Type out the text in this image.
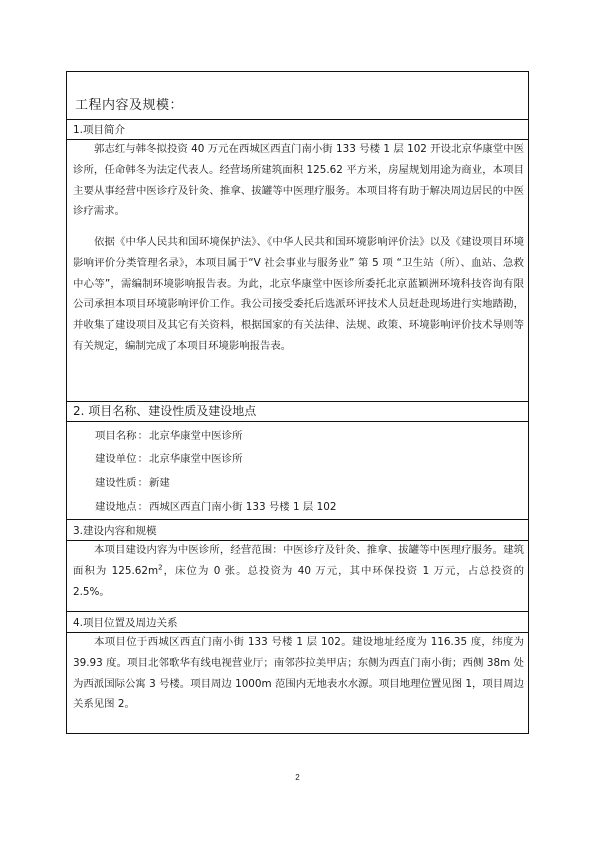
工程内容及规模：
1.项目简介

郭志红与韩冬拟投资 40 万元在西城区西直门南小街 133 号楼 1 层 102 开设北京华康堂中医诊所，任命韩冬为法定代表人。经营场所建筑面积 125.62 平方米，房屋规划用途为商业，本项目主要从事经营中医诊疗及针灸、推拿、拔罐等中医理疗服务。本项目将有助于解决周边居民的中医诊疗需求。

依据《中华人民共和国环境保护法》、《中华人民共和国环境影响评价法》以及《建设项目环境影响评价分类管理名录》，本项目属于“V 社会事业与服务业” 第 5 项 “卫生站（所）、血站、急救中心等”，需编制环境影响报告表。为此，北京华康堂中医诊所委托北京蓝颖洲环境科技咨询有限公司承担本项目环境影响评价工作。我公司接受委托后选派环评技术人员赶赴现场进行实地踏勘，并收集了建设项目及其它有关资料，根据国家的有关法律、法规、政策、环境影响评价技术导则等有关规定，编制完成了本项目环境影响报告表。

2. 项目名称、建设性质及建设地点
项目名称：北京华康堂中医诊所
建设单位：北京华康堂中医诊所
建设性质：新建
建设地点：西城区西直门南小街 133 号楼 1 层 102
3.建设内容和规模

本项目建设内容为中医诊所，经营范围：中医诊疗及针灸、推拿、拔罐等中医理疗服务。建筑面积为 $125.62m^2$，床位为 0 张。总投资为 40 万元，其中环保投资 1 万元，占总投资的 2.5%。

4.项目位置及周边关系

本项目位于西城区西直门南小街 133 号楼 1 层 102。建设地址经度为 116.35 度，纬度为 39.93 度。项目北邻歌华有线电视营业厅；南邻莎拉美甲店；东侧为西直门南小街；西侧 38m 处为西派国际公寓 3 号楼。项目周边 1000m 范围内无地表水水源。项目地理位置见图 1，项目周边关系见图 2。

2
